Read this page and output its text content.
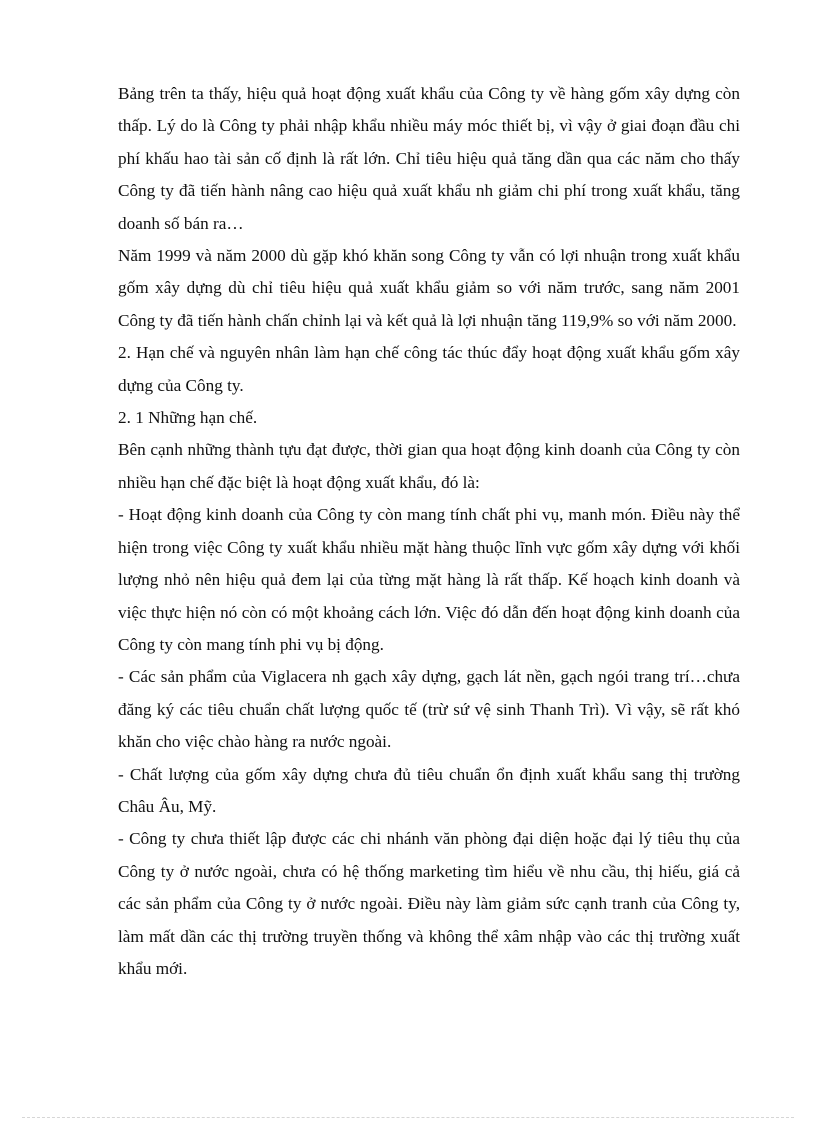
Bảng trên ta thấy, hiệu quả hoạt động xuất khẩu của Công ty về hàng gốm xây dựng còn thấp. Lý do là Công ty phải nhập khẩu nhiều máy móc thiết bị, vì vậy ở giai đoạn đầu chi phí khấu hao tài sản cố định là rất lớn. Chỉ tiêu hiệu quả tăng dần qua các năm cho thấy Công ty đã tiến hành nâng cao hiệu quả xuất khẩu nh giảm chi phí trong xuất khẩu, tăng doanh số bán ra…

Năm 1999 và năm 2000 dù gặp khó khăn song Công ty vẫn có lợi nhuận trong xuất khẩu gốm xây dựng dù chỉ tiêu hiệu quả xuất khẩu giảm so với năm trước, sang năm 2001 Công ty đã tiến hành chấn chỉnh lại và kết quả là lợi nhuận tăng 119,9% so với năm 2000.

2. Hạn chế và nguyên nhân làm hạn chế công tác thúc đẩy hoạt động xuất khẩu gốm xây dựng của Công ty.

2. 1 Những hạn chế.

Bên cạnh những thành tựu đạt được, thời gian qua hoạt động kinh doanh của Công ty còn nhiều hạn chế đặc biệt là hoạt động xuất khẩu, đó là:

- Hoạt động kinh doanh của Công ty còn mang tính chất phi vụ, manh món. Điều này thể hiện trong việc Công ty xuất khẩu nhiều mặt hàng thuộc lĩnh vực gốm xây dựng với khối lượng nhỏ nên hiệu quả đem lại của từng mặt hàng là rất thấp. Kế hoạch kinh doanh và việc thực hiện nó còn có một khoảng cách lớn. Việc đó dẫn đến hoạt động kinh doanh của Công ty còn mang tính phi vụ bị động.

- Các sản phẩm của Viglacera nh gạch xây dựng, gạch lát nền, gạch ngói trang trí…chưa đăng ký các tiêu chuẩn chất lượng quốc tế (trừ sứ vệ sinh Thanh Trì). Vì vậy, sẽ rất khó khăn cho việc chào hàng ra nước ngoài.

- Chất lượng của gốm xây dựng chưa đủ tiêu chuẩn ổn định xuất khẩu sang thị trường Châu Âu, Mỹ.

- Công ty chưa thiết lập được các chi nhánh văn phòng đại diện hoặc đại lý tiêu thụ của Công ty ở nước ngoài, chưa có hệ thống marketing tìm hiểu về nhu cầu, thị hiếu, giá cả các sản phẩm của Công ty ở nước ngoài. Điều này làm giảm sức cạnh tranh của Công ty, làm mất dần các thị trường truyền thống và không thể xâm nhập vào các thị trường xuất khẩu mới.
